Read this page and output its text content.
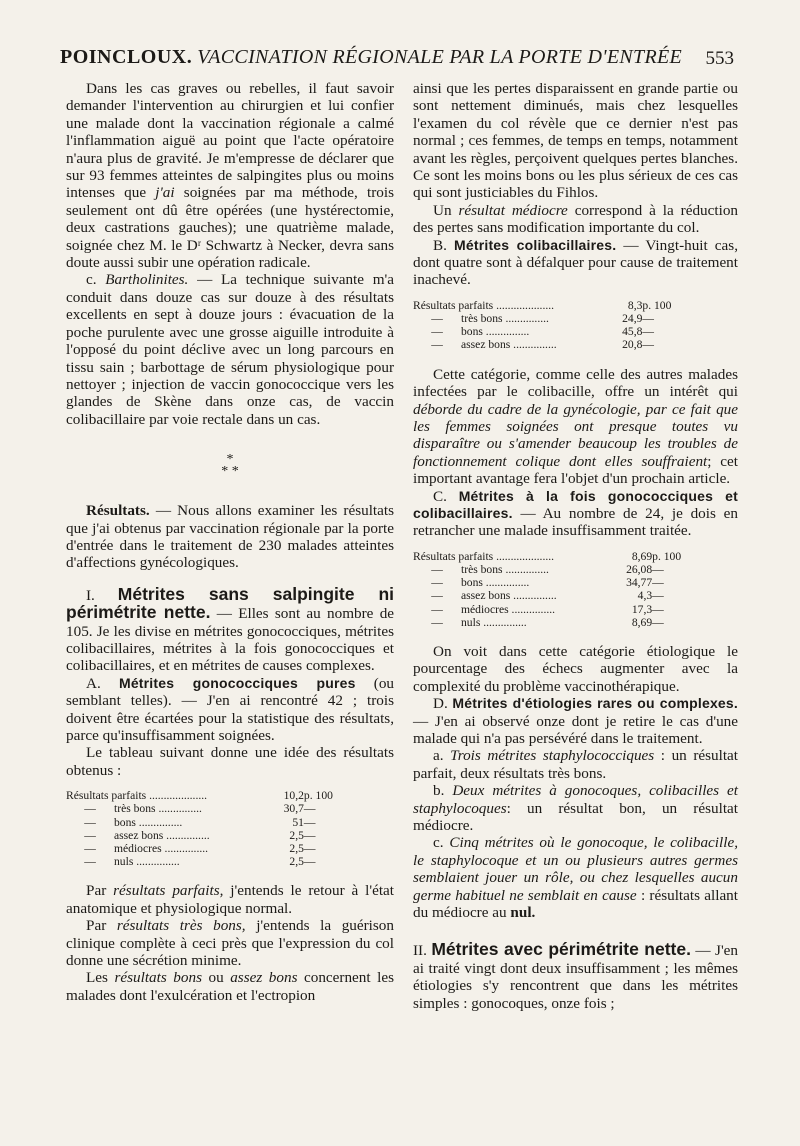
POINCLOUX. VACCINATION RÉGIONALE PAR LA PORTE D'ENTRÉE 553

Dans les cas graves ou rebelles, il faut savoir demander l'intervention au chirurgien et lui confier une malade dont la vaccination régionale a calmé l'inflammation aiguë au point que l'acte opératoire n'aura plus de gravité. Je m'empresse de déclarer que sur 93 femmes atteintes de salpingites plus ou moins intenses que j'ai soignées par ma méthode, trois seulement ont dû être opérées (une hystérectomie, deux castrations gauches); une quatrième malade, soignée chez M. le Dʳ Schwartz à Necker, devra sans doute aussi subir une opération radicale.

c. Bartholinites. — La technique suivante m'a conduit dans douze cas sur douze à des résultats excellents en sept à douze jours : évacuation de la poche purulente avec une grosse aiguille introduite à l'opposé du point déclive avec un long parcours en tissu sain ; barbottage de sérum physiologique pour nettoyer ; injection de vaccin gonococcique vers les glandes de Skène dans onze cas, de vaccin colibacillaire par voie rectale dans un cas.

*
* *

Résultats. — Nous allons examiner les résultats que j'ai obtenus par vaccination régionale par la porte d'entrée dans le traitement de 230 malades atteintes d'affections gynécologiques.

I. Métrites sans salpingite ni périmétrite nette. — Elles sont au nombre de 105. Je les divise en métrites gonococciques, métrites colibacillaires, métrites à la fois gonococciques et colibacillaires, et en métrites de causes complexes.

A. Métrites gonococciques pures (ou semblant telles). — J'en ai rencontré 42 ; trois doivent être écartées pour la statistique des résultats, parce qu'insuffisamment soignées.

Le tableau suivant donne une idée des résultats obtenus :

Résultats parfaits ....................	10,2	p. 100
— très bons ...............	30,7	—
— bons ...............	51	—
— assez bons ...............	2,5	—
— médiocres ...............	2,5	—
— nuls ...............	2,5	—

Par résultats parfaits, j'entends le retour à l'état anatomique et physiologique normal.

Par résultats très bons, j'entends la guérison clinique complète à ceci près que l'expression du col donne une sécrétion minime.

Les résultats bons ou assez bons concernent les malades dont l'exulcération et l'ectropion

ainsi que les pertes disparaissent en grande partie ou sont nettement diminués, mais chez lesquelles l'examen du col révèle que ce dernier n'est pas normal ; ces femmes, de temps en temps, notamment avant les règles, perçoivent quelques pertes blanches. Ce sont les moins bons ou les plus sérieux de ces cas qui sont justiciables du Fihlos.

Un résultat médiocre correspond à la réduction des pertes sans modification importante du col.

B. Métrites colibacillaires. — Vingt-huit cas, dont quatre sont à défalquer pour cause de traitement inachevé.

Résultats parfaits ....................	8,3	p. 100
— très bons ...............	24,9	—
— bons ...............	45,8	—
— assez bons ...............	20,8	—

Cette catégorie, comme celle des autres malades infectées par le colibacille, offre un intérêt qui déborde du cadre de la gynécologie, par ce fait que les femmes soignées ont presque toutes vu disparaître ou s'amender beaucoup les troubles de fonctionnement colique dont elles souffraient; cet important avantage fera l'objet d'un prochain article.

C. Métrites à la fois gonococciques et colibacillaires. — Au nombre de 24, je dois en retrancher une malade insuffisamment traitée.

Résultats parfaits ....................	8,69	p. 100
— très bons ...............	26,08	—
— bons ...............	34,77	—
— assez bons ...............	4,3	—
— médiocres ...............	17,3	—
— nuls ...............	8,69	—

On voit dans cette catégorie étiologique le pourcentage des échecs augmenter avec la complexité du problème vaccinothérapique.

D. Métrites d'étiologies rares ou complexes. — J'en ai observé onze dont je retire le cas d'une malade qui n'a pas persévéré dans le traitement.

a. Trois métrites staphylococciques : un résultat parfait, deux résultats très bons.

b. Deux métrites à gonocoques, colibacilles et staphylocoques: un résultat bon, un résultat médiocre.

c. Cinq métrites où le gonocoque, le colibacille, le staphylocoque et un ou plusieurs autres germes semblaient jouer un rôle, ou chez lesquelles aucun germe habituel ne semblait en cause : résultats allant du médiocre au nul.

II. Métrites avec périmétrite nette. — J'en ai traité vingt dont deux insuffisamment ; les mêmes étiologies s'y rencontrent que dans les métrites simples : gonocoques, onze fois ;
